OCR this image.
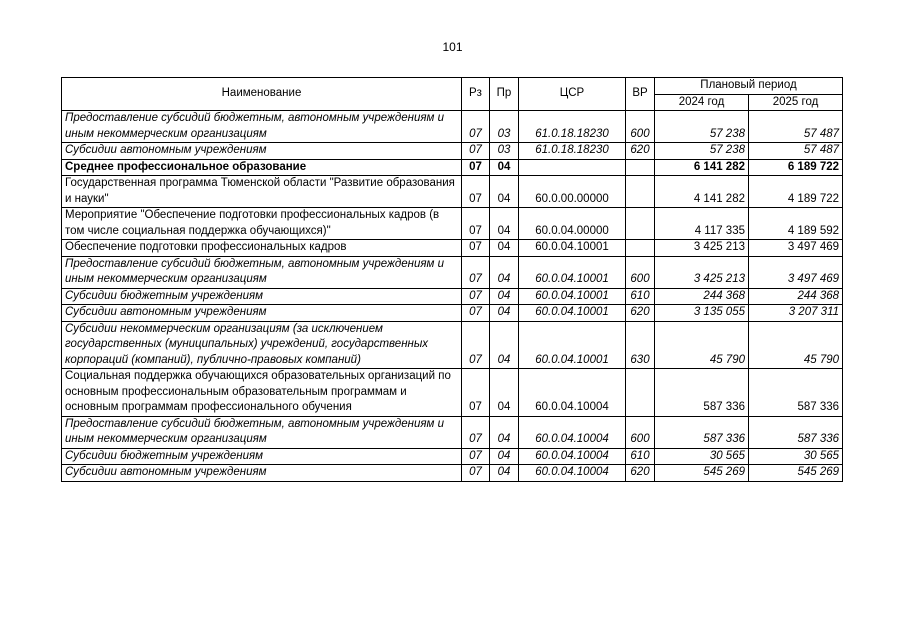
101
Наименование	Рз	Пр	ЦСР	ВР	Плановый период	
					2024 год	2025 год
Предоставление субсидий бюджетным, автономным учреждениям и иным некоммерческим организациям	07	03	61.0.18.18230	600	57 238	57 487
Субсидии автономным учреждениям	07	03	61.0.18.18230	620	57 238	57 487
Среднее профессиональное образование	07	04			6 141 282	6 189 722
Государственная программа Тюменской области "Развитие образования и науки"	07	04	60.0.00.00000		4 141 282	4 189 722
Мероприятие "Обеспечение подготовки профессиональных кадров (в том числе социальная поддержка обучающихся)"	07	04	60.0.04.00000		4 117 335	4 189 592
Обеспечение подготовки профессиональных кадров	07	04	60.0.04.10001		3 425 213	3 497 469
Предоставление субсидий бюджетным, автономным учреждениям и иным некоммерческим организациям	07	04	60.0.04.10001	600	3 425 213	3 497 469
Субсидии бюджетным учреждениям	07	04	60.0.04.10001	610	244 368	244 368
Субсидии автономным учреждениям	07	04	60.0.04.10001	620	3 135 055	3 207 311
Субсидии некоммерческим организациям (за исключением государственных (муниципальных) учреждений, государственных корпораций (компаний), публично-правовых компаний)	07	04	60.0.04.10001	630	45 790	45 790
Социальная поддержка обучающихся образовательных организаций по основным профессиональным образовательным программам и основным программам профессионального обучения	07	04	60.0.04.10004		587 336	587 336
Предоставление субсидий бюджетным, автономным учреждениям и иным некоммерческим организациям	07	04	60.0.04.10004	600	587 336	587 336
Субсидии бюджетным учреждениям	07	04	60.0.04.10004	610	30 565	30 565
Субсидии автономным учреждениям	07	04	60.0.04.10004	620	545 269	545 269
